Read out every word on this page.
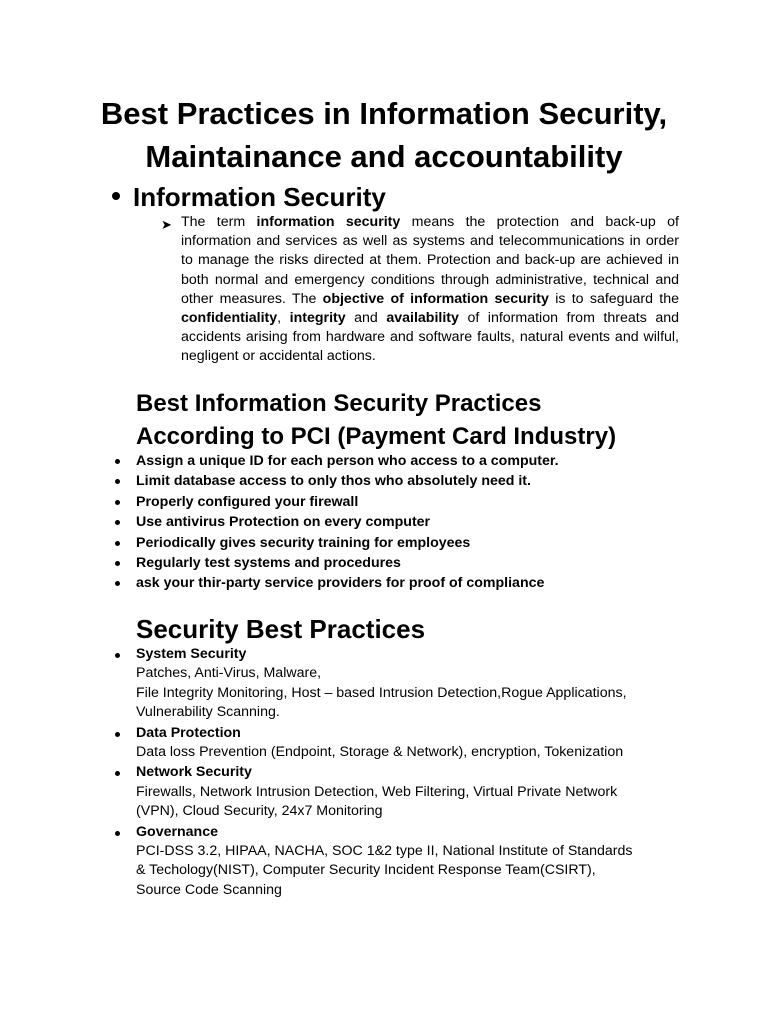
Best Practices in Information Security,
Maintainance and accountability
Information Security
➤ The term information security means the protection and back-up of information and services as well as systems and telecommunications in order to manage the risks directed at them. Protection and back-up are achieved in both normal and emergency conditions through administrative, technical and other measures. The objective of information security is to safeguard the confidentiality, integrity and availability of information from threats and accidents arising from hardware and software faults, natural events and wilful, negligent or accidental actions.

Best Information Security Practices
According to PCI (Payment Card Industry)
Assign a unique ID for each person who access to a computer.
Limit database access to only thos who absolutely need it.
Properly configured your firewall
Use antivirus Protection on every computer
Periodically gives security training for employees
Regularly test systems and procedures
ask your thir-party service providers for proof of compliance
Security Best Practices
System Security
Patches, Anti-Virus, Malware,
File Integrity Monitoring, Host – based Intrusion Detection,Rogue Applications,
Vulnerability Scanning.
Data Protection
Data loss Prevention (Endpoint, Storage & Network), encryption, Tokenization
Network Security
Firewalls, Network Intrusion Detection, Web Filtering, Virtual Private Network
(VPN), Cloud Security, 24x7 Monitoring
Governance
PCI-DSS 3.2, HIPAA, NACHA, SOC 1&2 type II, National Institute of Standards
& Techology(NIST), Computer Security Incident Response Team(CSIRT),
Source Code Scanning
